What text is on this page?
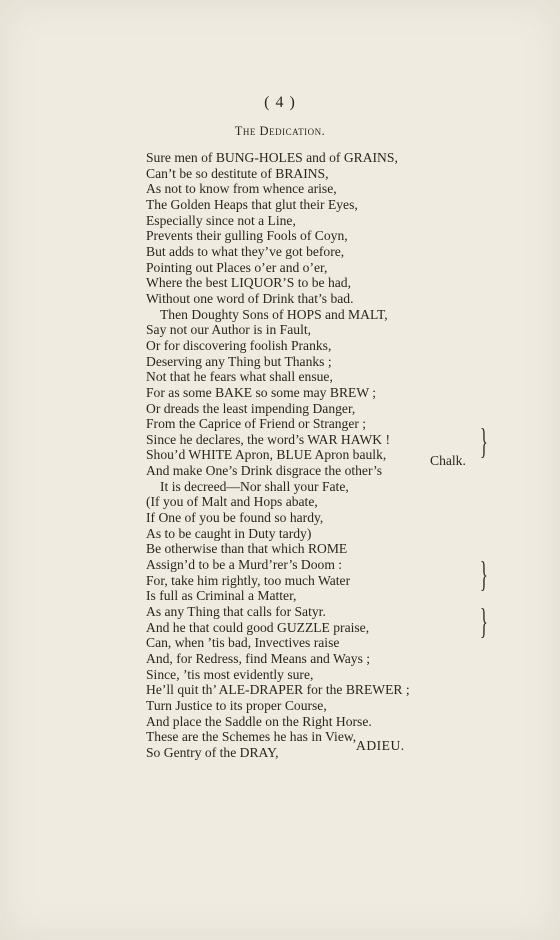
( 4 )
The Dedication.
Sure men of BUNG-HOLES and of GRAINS,
Can’t be so destitute of BRAINS,
As not to know from whence arise,
The Golden Heaps that glut their Eyes,
Especially since not a Line,
Prevents their gulling Fools of Coyn,
But adds to what they’ve got before,
Pointing out Places o’er and o’er,
Where the best LIQUOR’S to be had,
Without one word of Drink that’s bad.
Then Doughty Sons of HOPS and MALT,
Say not our Author is in Fault,
Or for discovering foolish Pranks,
Deserving any Thing but Thanks ;
Not that he fears what shall ensue,
For as some BAKE so some may BREW ;
Or dreads the least impending Danger,
From the Caprice of Friend or Stranger ;
Since he declares, the word’s WAR HAWK !
Shou’d WHITE Apron, BLUE Apron baulk,
And make One’s Drink disgrace the other’s
It is decreed—Nor shall your Fate,
(If you of Malt and Hops abate,
If One of you be found so hardy,
As to be caught in Duty tardy)
Be otherwise than that which ROME
Assign’d to be a Murd’rer’s Doom :
For, take him rightly, too much Water
Is full as Criminal a Matter,
As any Thing that calls for Satyr.
And he that could good GUZZLE praise,
Can, when ’tis bad, Invectives raise
And, for Redress, find Means and Ways ;
Since, ’tis most evidently sure,
He’ll quit th’ ALE-DRAPER for the BREWER ;
Turn Justice to its proper Course,
And place the Saddle on the Right Horse.
These are the Schemes he has in View,
So Gentry of the DRAY,
Chalk. }
}
}
ADIEU.
